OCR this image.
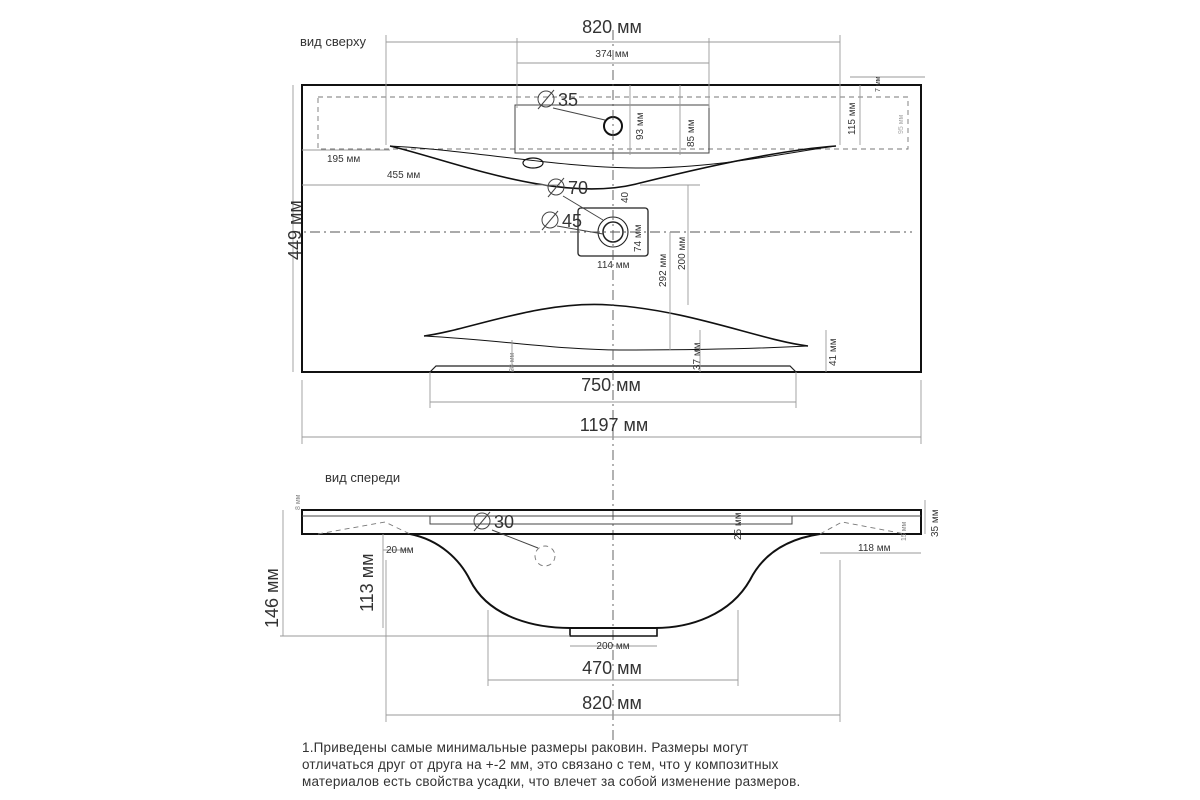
вид сверху
820 мм
374 мм
7 мм
35
93 мм	85 мм	115 мм	95 мм
195 мм
455 мм
70	40
45
74 мм
114 мм	200 мм
292 мм
449 мм
28 мм	37 мм	41 мм
750 мм
1197 мм
вид спереди
30
8 мм
25 мм	35 мм
15 мм
146 мм	113 мм
20 мм	118 мм
200 мм
470 мм
820 мм
1.Приведены самые минимальные размеры раковин. Размеры могут
отличаться друг от друга на +-2 мм, это связано с тем, что у композитных
материалов есть свойства усадки, что влечет за собой изменение размеров.
